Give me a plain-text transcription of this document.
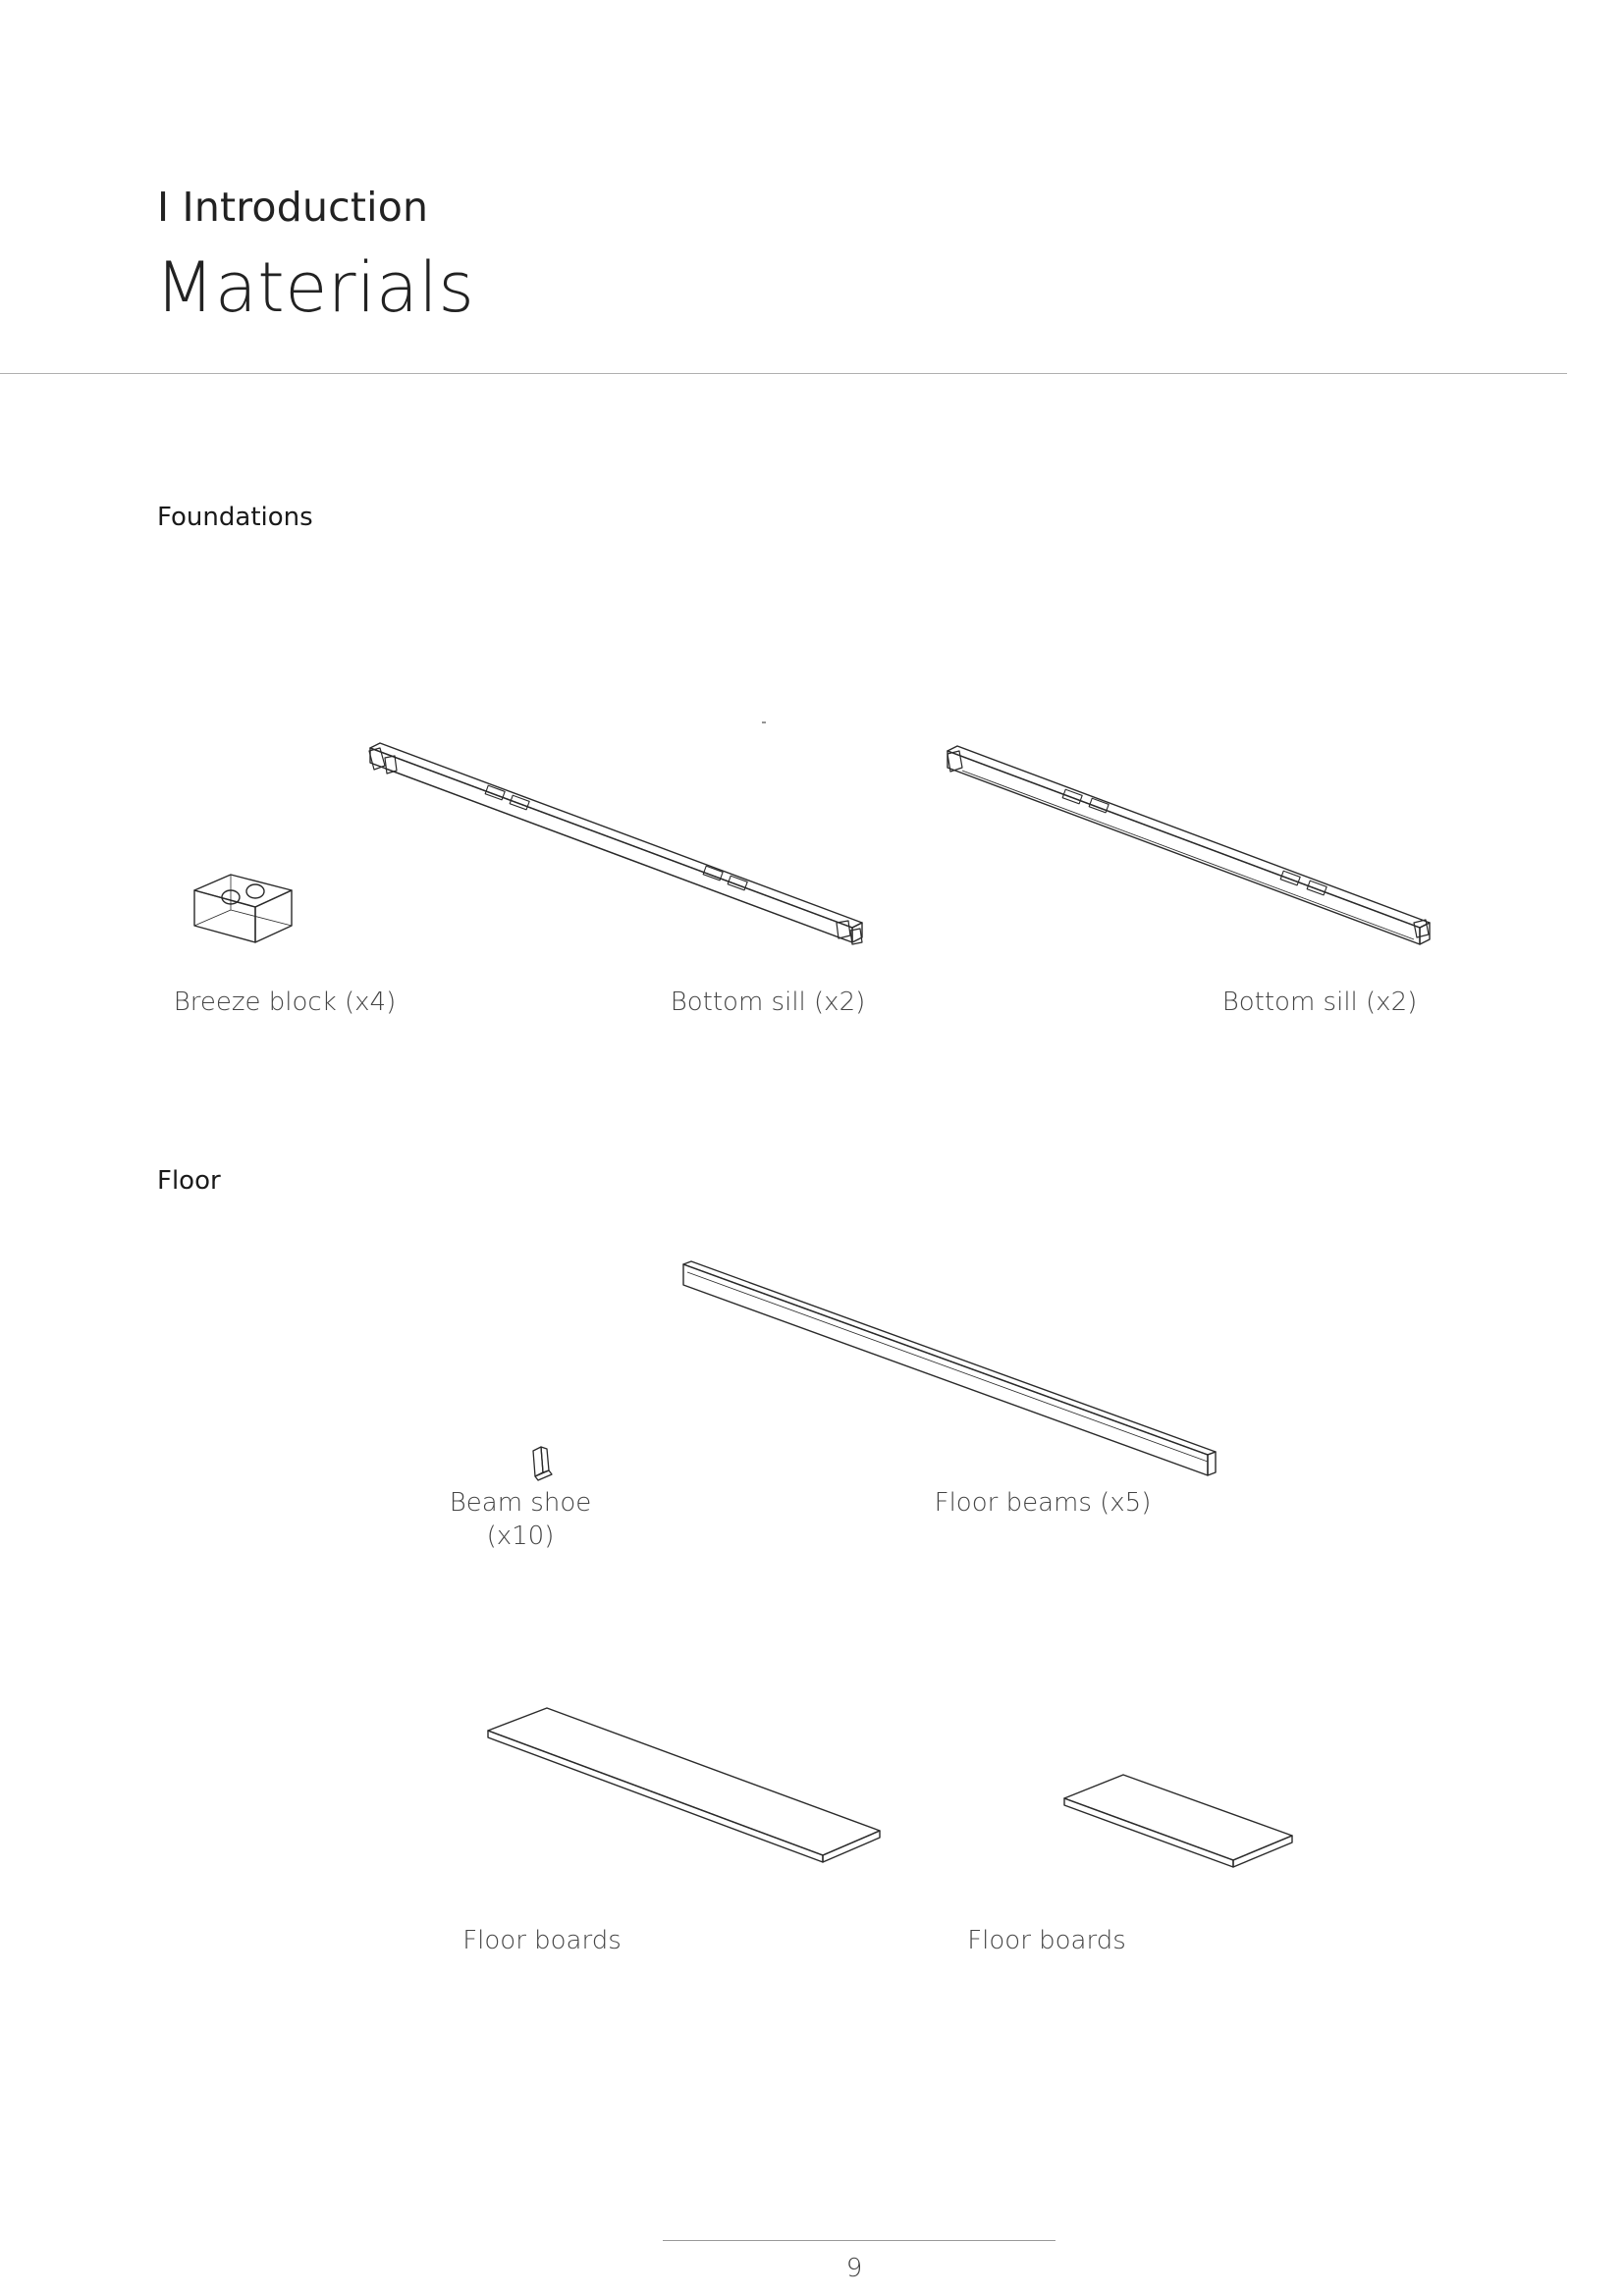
I Introduction
Materials
Foundations
Breeze block (x4)	Bottom sill (x2)	Bottom sill (x2)
Floor
Beam shoe
(x10)
Floor beams (x5)
Floor boards	Floor boards
9
